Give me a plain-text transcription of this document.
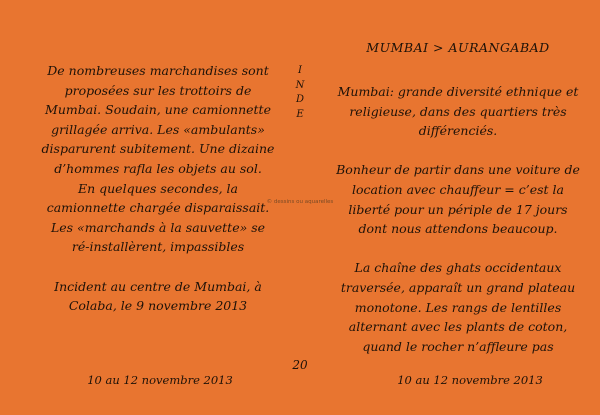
De nombreuses marchandises sont

proposées sur les trottoirs de

Mumbai. Soudain, une camionnette

grillagée arriva. Les «ambulants»

disparurent subitement. Une dizaine

d’hommes rafla les objets au sol.

En quelques secondes, la

camionnette chargée disparaissait.

Les «marchands à la sauvette» se

ré-installèrent, impassibles

Incident au centre de Mumbai, à

Colaba, le 9 novembre 2013

I
N
D
E
© dessins ou aquarelles
MUMBAI > AURANGABAD

Mumbai: grande diversité ethnique et

religieuse, dans des quartiers très

différenciés.

Bonheur de partir dans une voiture de

location avec chauffeur = c’est la

liberté pour un périple de 17 jours

dont nous attendons beaucoup.

La chaîne des ghats occidentaux

traversée, apparaît un grand plateau

monotone. Les rangs de lentilles

alternant avec les plants de coton,

quand le rocher n’affleure pas

20
10 au 12 novembre 2013	10 au 12 novembre 2013
